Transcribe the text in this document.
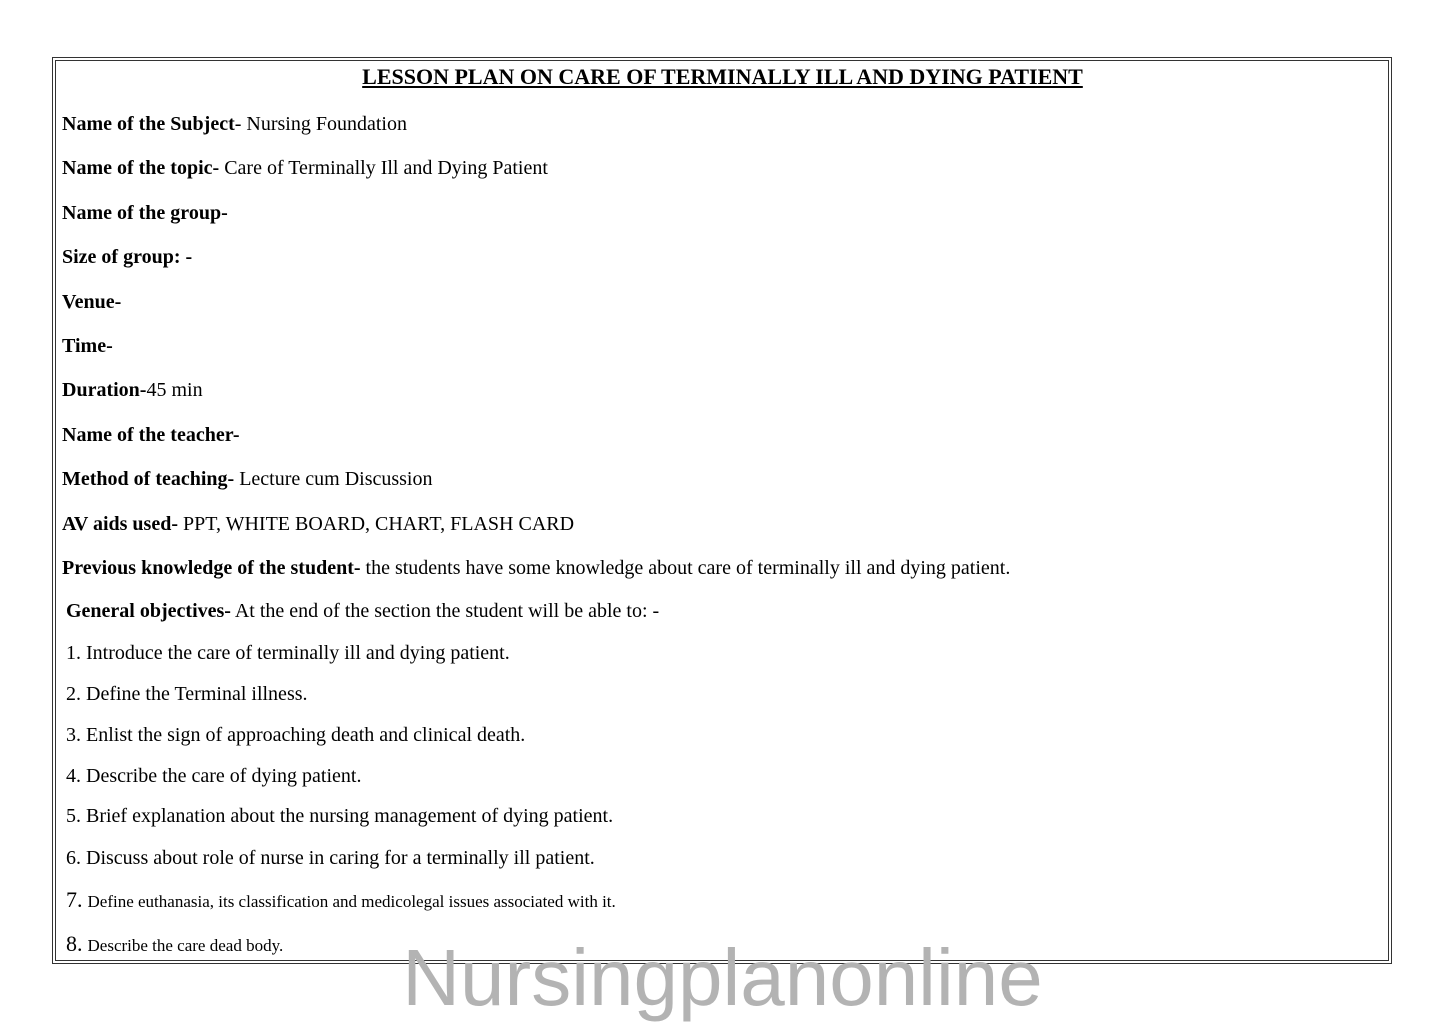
LESSON PLAN ON CARE OF TERMINALLY ILL AND DYING PATIENT
Name of the Subject- Nursing Foundation
Name of the topic- Care of Terminally Ill and Dying Patient
Name of the group-
Size of group: -
Venue-
Time-
Duration-45 min
Name of the teacher-
Method of teaching- Lecture cum Discussion
AV aids used- PPT, WHITE BOARD, CHART, FLASH CARD
Previous knowledge of the student- the students have some knowledge about care of terminally ill and dying patient.
General objectives- At the end of the section the student will be able to: -
1. Introduce the care of terminally ill and dying patient.
2. Define the Terminal illness.
3. Enlist the sign of approaching death and clinical death.
4. Describe the care of dying patient.
5. Brief explanation about the nursing management of dying patient.
6. Discuss about role of nurse in caring for a terminally ill patient.
7. Define euthanasia, its classification and medicolegal issues associated with it.
8. Describe the care dead body.	Nursingplanonline
